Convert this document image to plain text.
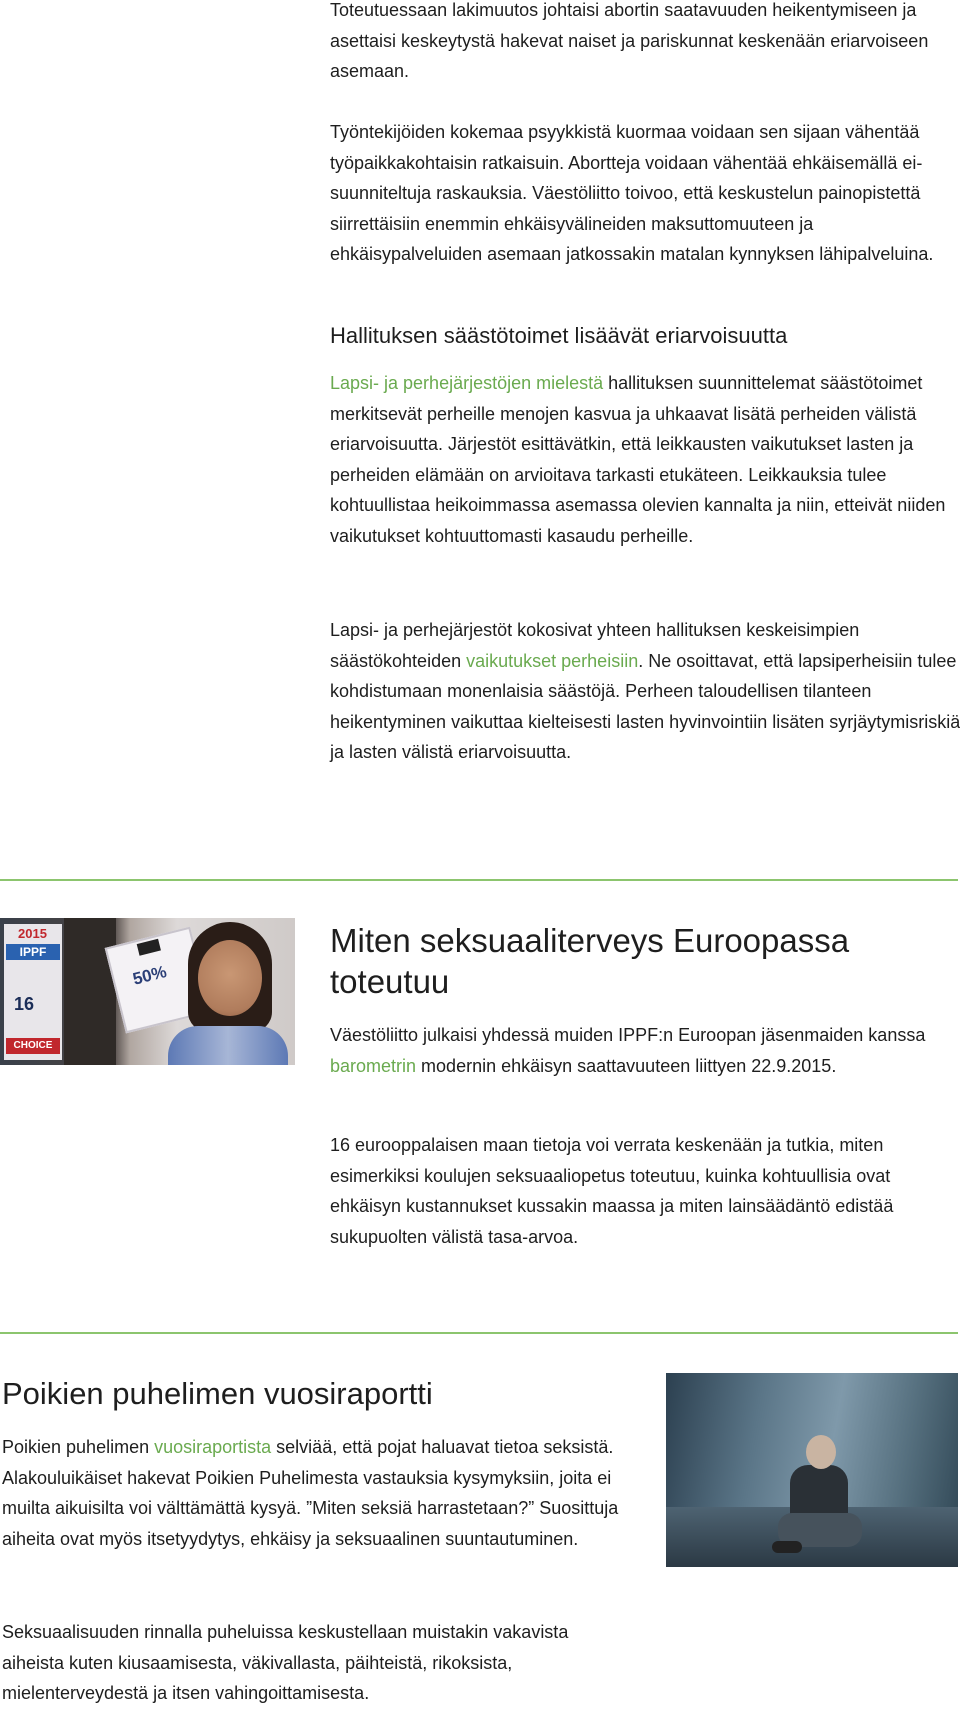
Toteutuessaan lakimuutos johtaisi abortin saatavuuden heikentymiseen ja asettaisi keskeytystä hakevat naiset ja pariskunnat keskenään eriarvoiseen asemaan.

Työntekijöiden kokemaa psyykkistä kuormaa voidaan sen sijaan vähentää työpaikkakohtaisin ratkaisuin. Abortteja voidaan vähentää ehkäisemällä ei-suunniteltuja raskauksia. Väestöliitto toivoo, että keskustelun painopistettä siirrettäisiin enemmin ehkäisyvälineiden maksuttomuuteen ja ehkäisypalveluiden asemaan jatkossakin matalan kynnyksen lähipalveluina.

Hallituksen säästötoimet lisäävät eriarvoisuutta

Lapsi- ja perhejärjestöjen mielestä hallituksen suunnittelemat säästötoimet merkitsevät perheille menojen kasvua ja uhkaavat lisätä perheiden välistä eriarvoisuutta. Järjestöt esittävätkin, että leikkausten vaikutukset lasten ja perheiden elämään on arvioitava tarkasti etukäteen. Leikkauksia tulee kohtuullistaa heikoimmassa asemassa olevien kannalta ja niin, etteivät niiden vaikutukset kohtuuttomasti kasaudu perheille.

Lapsi- ja perhejärjestöt kokosivat yhteen hallituksen keskeisimpien säästökohteiden vaikutukset perheisiin. Ne osoittavat, että lapsiperheisiin tulee kohdistumaan monenlaisia säästöjä. Perheen taloudellisen tilanteen heikentyminen vaikuttaa kielteisesti lasten hyvinvointiin lisäten syrjäytymisriskiä ja lasten välistä eriarvoisuutta.

2015
IPPF
16
CHOICE
50%
Miten seksuaaliterveys Euroopassa toteutuu

Väestöliitto julkaisi yhdessä muiden IPPF:n Euroopan jäsenmaiden kanssa barometrin modernin ehkäisyn saattavuuteen liittyen 22.9.2015.

16 eurooppalaisen maan tietoja voi verrata keskenään ja tutkia, miten esimerkiksi koulujen seksuaaliopetus toteutuu, kuinka kohtuullisia ovat ehkäisyn kustannukset kussakin maassa ja miten lainsäädäntö edistää sukupuolten välistä tasa-arvoa.

Poikien puhelimen vuosiraportti

Poikien puhelimen vuosiraportista selviää, että pojat haluavat tietoa seksistä. Alakouluikäiset hakevat Poikien Puhelimesta vastauksia kysymyksiin, joita ei muilta aikuisilta voi välttämättä kysyä. ”Miten seksiä harrastetaan?” Suosittuja aiheita ovat myös itsetyydytys, ehkäisy ja seksuaalinen suuntautuminen.

Seksuaalisuuden rinnalla puheluissa keskustellaan muistakin vakavista aiheista kuten kiusaamisesta, väkivallasta, päihteistä, rikoksista, mielenterveydestä ja itsen vahingoittamisesta.
